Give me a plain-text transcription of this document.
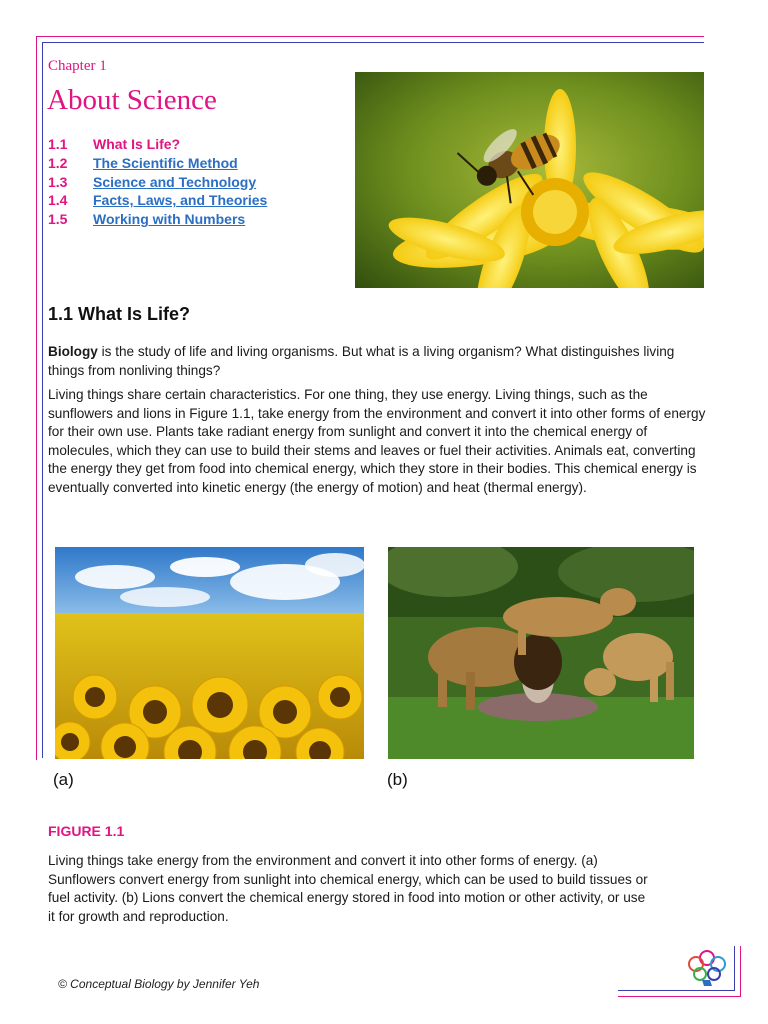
Chapter 1
About Science
1.1	What Is Life?
1.2	The Scientific Method
1.3	Science and Technology
1.4	Facts, Laws, and Theories
1.5	Working with Numbers
1.1 What Is Life?

Biology is the study of life and living organisms. But what is a living organism? What distinguishes living things from nonliving things?

Living things share certain characteristics. For one thing, they use energy. Living things, such as the sunflowers and lions in Figure 1.1, take energy from the environment and convert it into other forms of energy for their own use. Plants take radiant energy from sunlight and convert it into the chemical energy of molecules, which they can use to build their stems and leaves or fuel their activities. Animals eat, converting the energy they get from food into chemical energy, which they store in their bodies. This chemical energy is eventually converted into kinetic energy (the energy of motion) and heat (thermal energy).

(a)	(b)
FIGURE 1.1

Living things take energy from the environment and convert it into other forms of energy. (a) Sunflowers convert energy from sunlight into chemical energy, which can be used to build tissues or fuel activity. (b) Lions convert the chemical energy stored in food into motion or other activity, or use it for growth and reproduction.

© Conceptual Biology by Jennifer Yeh
